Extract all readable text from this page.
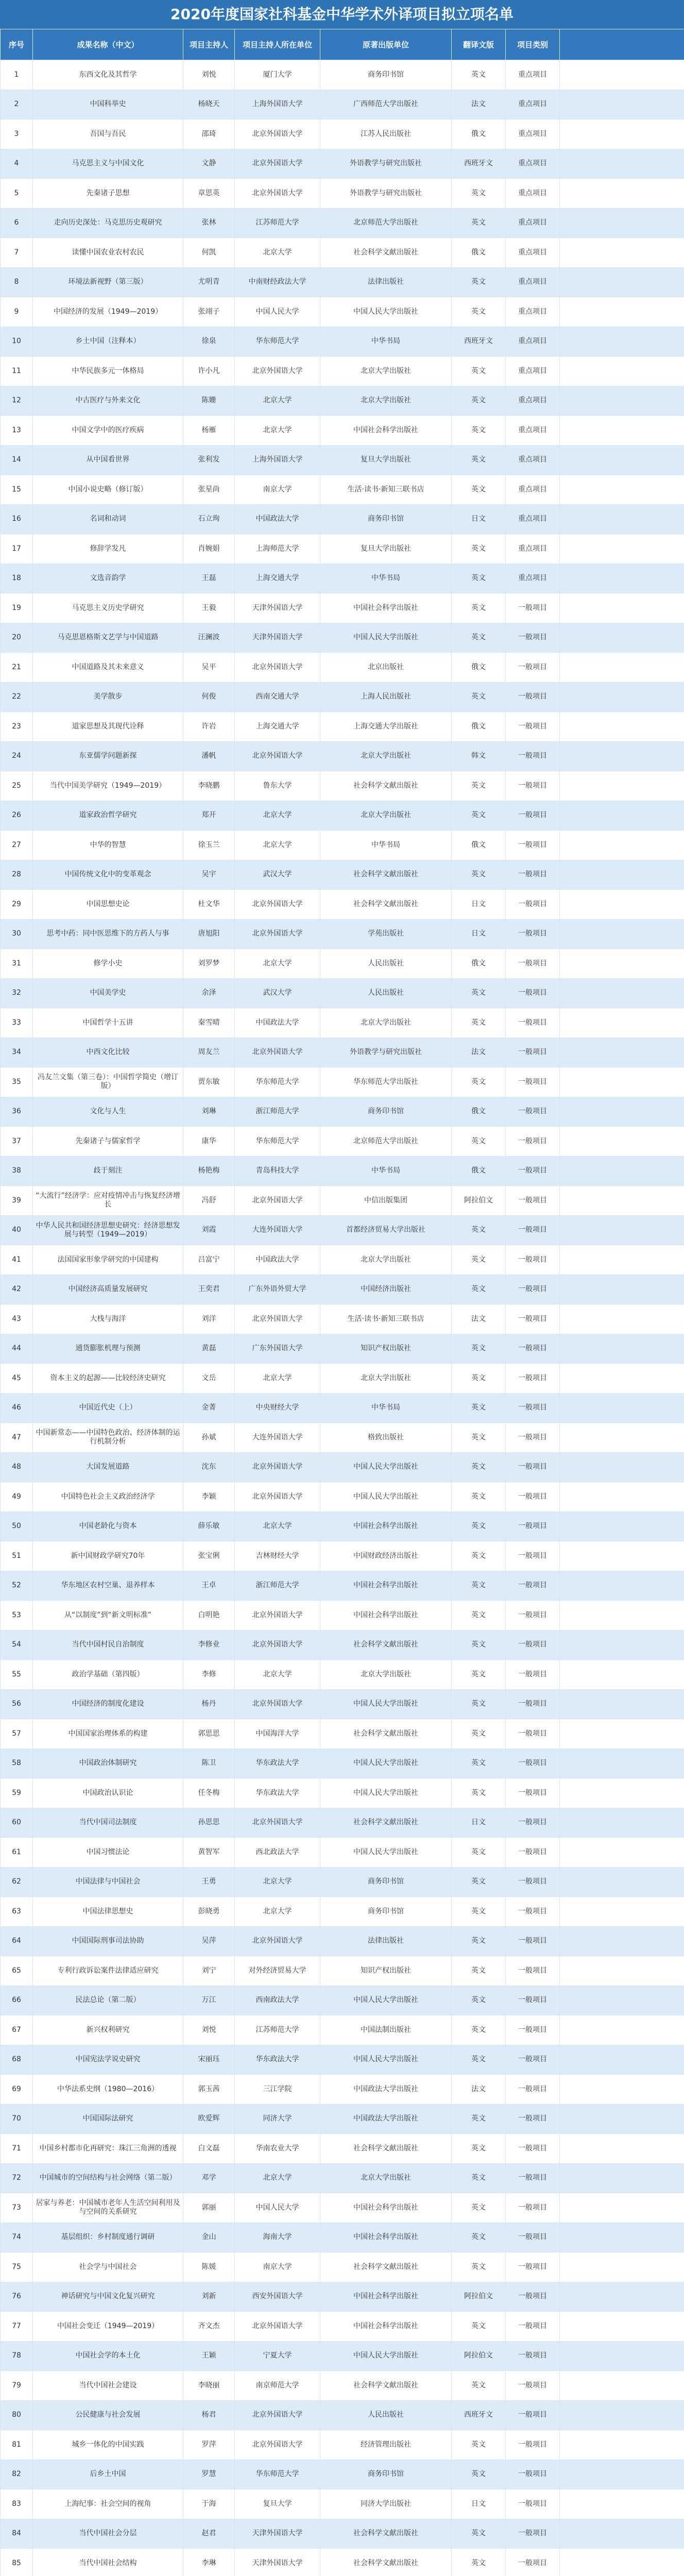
2020年度国家社科基金中华学术外译项目拟立项名单
序号	成果名称（中文）	项目主持人	项目主持人所在单位	原著出版单位	翻译文版	项目类别	
1	东西文化及其哲学	刘悦	厦门大学	商务印书馆	英文	重点项目	
2	中国科举史	杨晓天	上海外国语大学	广西师范大学出版社	法文	重点项目	
3	吾国与吾民	邵琦	北京外国语大学	江苏人民出版社	俄文	重点项目	
4	马克思主义与中国文化	文静	北京外国语大学	外语教学与研究出版社	西班牙文	重点项目	
5	先秦诸子思想	章思英	北京外国语大学	外语教学与研究出版社	英文	重点项目	
6	走向历史深处：马克思历史观研究	张林	江苏师范大学	北京师范大学出版社	英文	重点项目	
7	读懂中国农业农村农民	何凯	北京大学	社会科学文献出版社	俄文	重点项目	
8	环境法新视野（第三版）	尤明青	中南财经政法大学	法律出版社	英文	重点项目	
9	中国经济的发展（1949—2019）	张翊子	中国人民大学	中国人民大学出版社	英文	重点项目	
10	乡土中国（注释本）	徐泉	华东师范大学	中华书局	西班牙文	重点项目	
11	中华民族多元一体格局	许小凡	北京外国语大学	北京大学出版社	英文	重点项目	
12	中古医疗与外来文化	陈姗	北京大学	北京大学出版社	英文	重点项目	
13	中国文学中的医疗疾病	杨雁	北京大学	中国社会科学出版社	英文	重点项目	
14	从中国看世界	张利发	上海外国语大学	复旦大学出版社	英文	重点项目	
15	中国小说史略（修订版）	张星尚	南京大学	生活·读书·新知三联书店	英文	重点项目	
16	名词和动词	石立珣	中国政法大学	商务印书馆	日文	重点项目	
17	修辞学发凡	肖婉娟	上海师范大学	复旦大学出版社	英文	重点项目	
18	文选音韵学	王磊	上海交通大学	中华书局	英文	重点项目	
19	马克思主义历史学研究	王毅	天津外国语大学	中国社会科学出版社	英文	一般项目	
20	马克思恩格斯文艺学与中国道路	汪澜波	天津外国语大学	中国人民大学出版社	英文	一般项目	
21	中国道路及其未来意义	吴平	北京外国语大学	北京出版社	俄文	一般项目	
22	美学散步	何俊	西南交通大学	上海人民出版社	英文	一般项目	
23	道家思想及其现代诠释	许岩	上海交通大学	上海交通大学出版社	俄文	一般项目	
24	东亚儒学问题新探	潘帆	北京外国语大学	北京大学出版社	韩文	一般项目	
25	当代中国美学研究（1949—2019）	李晓鹏	鲁东大学	社会科学文献出版社	英文	一般项目	
26	道家政治哲学研究	郑开	北京大学	北京大学出版社	英文	一般项目	
27	中华的智慧	徐玉兰	北京大学	中华书局	俄文	一般项目	
28	中国传统文化中的变革观念	吴宇	武汉大学	社会科学文献出版社	英文	一般项目	
29	中国思想史论	杜文华	北京外国语大学	社会科学文献出版社	日文	一般项目	
30	思考中药：同中医思维下的方药人与事	唐旭阳	北京外国语大学	学苑出版社	日文	一般项目	
31	修学小史	刘罗梦	北京大学	人民出版社	俄文	一般项目	
32	中国美学史	余泽	武汉大学	人民出版社	英文	一般项目	
33	中国哲学十五讲	秦雪晴	中国政法大学	北京大学出版社	英文	一般项目	
34	中西文化比较	周友兰	北京外国语大学	外语教学与研究出版社	法文	一般项目	
35	冯友兰文集（第三卷）：中国哲学简史（增订版）	贾东敏	华东师范大学	华东师范大学出版社	英文	一般项目	
36	文化与人生	刘琳	浙江师范大学	商务印书馆	俄文	一般项目	
37	先秦诸子与儒家哲学	康华	华东师范大学	北京师范大学出版社	英文	一般项目	
38	歧于刻注	杨艳梅	青岛科技大学	中华书局	俄文	一般项目	
39	“大流行”经济学：应对疫情冲击与恢复经济增长	冯舒	北京外国语大学	中信出版集团	阿拉伯文	一般项目	
40	中华人民共和国经济思想史研究：经济思想发展与转型（1949—2019）	刘霞	大连外国语大学	首都经济贸易大学出版社	英文	一般项目	
41	法国国家形象学研究的中国建构	吕富宁	中国政法大学	北京大学出版社	英文	一般项目	
42	中国经济高质量发展研究	王奕君	广东外语外贸大学	中国经济出版社	英文	一般项目	
43	大栈与海洋	刘洋	北京外国语大学	生活·读书·新知三联书店	法文	一般项目	
44	通货膨胀机理与预测	黄磊	广东外国语大学	知识产权出版社	英文	一般项目	
45	资本主义的起源——比较经济史研究	文岳	北京大学	北京大学出版社	英文	一般项目	
46	中国近代史（上）	金菁	中央财经大学	中华书局	英文	一般项目	
47	中国新常态——中国特色政治、经济体制的运行机制分析	孙斌	大连外国语大学	格致出版社	英文	一般项目	
48	大国发展道路	沈东	北京外国语大学	中国人民大学出版社	英文	一般项目	
49	中国特色社会主义政治经济学	李颖	北京外国语大学	中国人民大学出版社	英文	一般项目	
50	中国老龄化与资本	薛乐敏	北京大学	中国社会科学出版社	英文	一般项目	
51	新中国财政学研究70年	张宝俐	吉林财经大学	中国财政经济出版社	英文	一般项目	
52	华东地区农村空巢、退养样本	王卓	浙江师范大学	中国社会科学出版社	英文	一般项目	
53	从“以制度”到“新文明标准”	白明艳	北京外国语大学	中国社会科学出版社	英文	一般项目	
54	当代中国村民自治制度	李修业	北京外国语大学	社会科学文献出版社	英文	一般项目	
55	政治学基础（第四版）	李修	北京大学	北京大学出版社	英文	一般项目	
56	中国经济的制度化建设	杨丹	北京外国语大学	中国人民大学出版社	英文	一般项目	
57	中国国家治理体系的构建	郭思思	中国海洋大学	社会科学文献出版社	英文	一般项目	
58	中国政治体制研究	陈卫	华东政法大学	中国人民大学出版社	英文	一般项目	
59	中国政治认识论	任冬梅	华东政法大学	中国人民大学出版社	英文	一般项目	
60	当代中国司法制度	孙思思	北京外国语大学	社会科学文献出版社	日文	一般项目	
61	中国习惯法论	黄智军	西北政法大学	中国人民大学出版社	英文	一般项目	
62	中国法律与中国社会	王勇	北京大学	商务印书馆	英文	一般项目	
63	中国法律思想史	彭晓勇	北京大学	商务印书馆	英文	一般项目	
64	中国国际刑事司法协助	吴萍	北京外国语大学	法律出版社	英文	一般项目	
65	专利行政诉讼案件法律适应研究	刘宁	对外经济贸易大学	知识产权出版社	英文	一般项目	
66	民法总论（第二版）	万江	西南政法大学	中国人民大学出版社	英文	一般项目	
67	新兴权利研究	刘悦	江苏师范大学	中国法制出版社	英文	一般项目	
68	中国宪法学说史研究	宋丽珏	华东政法大学	中国人民大学出版社	英文	一般项目	
69	中华法系史纲（1980—2016）	郭玉茜	三江学院	中国政法大学出版社	法文	一般项目	
70	中国国际法研究	欧爱辉	同济大学	中国政法大学出版社	英文	一般项目	
71	中国乡村都市化再研究：珠江三角洲的透视	白文磊	华南农业大学	社会科学文献出版社	英文	一般项目	
72	中国城市的空间结构与社会网络（第二版）	邓学	北京大学	北京大学出版社	英文	一般项目	
73	居家与养老：中国城市老年人生活空间利用及与空间的关系研究	郭丽	中国人民大学	中国社会科学出版社	英文	一般项目	
74	基层组织：乡村制度通行调研	金山	海南大学	中国社会科学出版社	英文	一般项目	
75	社会学与中国社会	陈媛	南京大学	社会科学文献出版社	英文	一般项目	
76	神话研究与中国文化复兴研究	刘新	西安外国语大学	中国社会科学出版社	阿拉伯文	一般项目	
77	中国社会变迁（1949—2019）	齐文杰	北京外国语大学	中国社会科学出版社	英文	一般项目	
78	中国社会学的本土化	王颖	宁夏大学	中国人民大学出版社	阿拉伯文	一般项目	
79	当代中国社会建设	李晓丽	南京师范大学	社会科学文献出版社	英文	一般项目	
80	公民健康与社会发展	杨君	北京外国语大学	人民出版社	西班牙文	一般项目	
81	城乡一体化的中国实践	罗萍	北京外国语大学	经济管理出版社	英文	一般项目	
82	后乡土中国	罗慧	华东师范大学	商务印书馆	英文	一般项目	
83	上海纪事：社会空间的视角	于海	复旦大学	同济大学出版社	日文	一般项目	
84	当代中国社会分层	赵君	天津外国语大学	社会科学文献出版社	英文	一般项目	
85	当代中国社会结构	李琳	天津外国语大学	社会科学文献出版社	英文	一般项目	
